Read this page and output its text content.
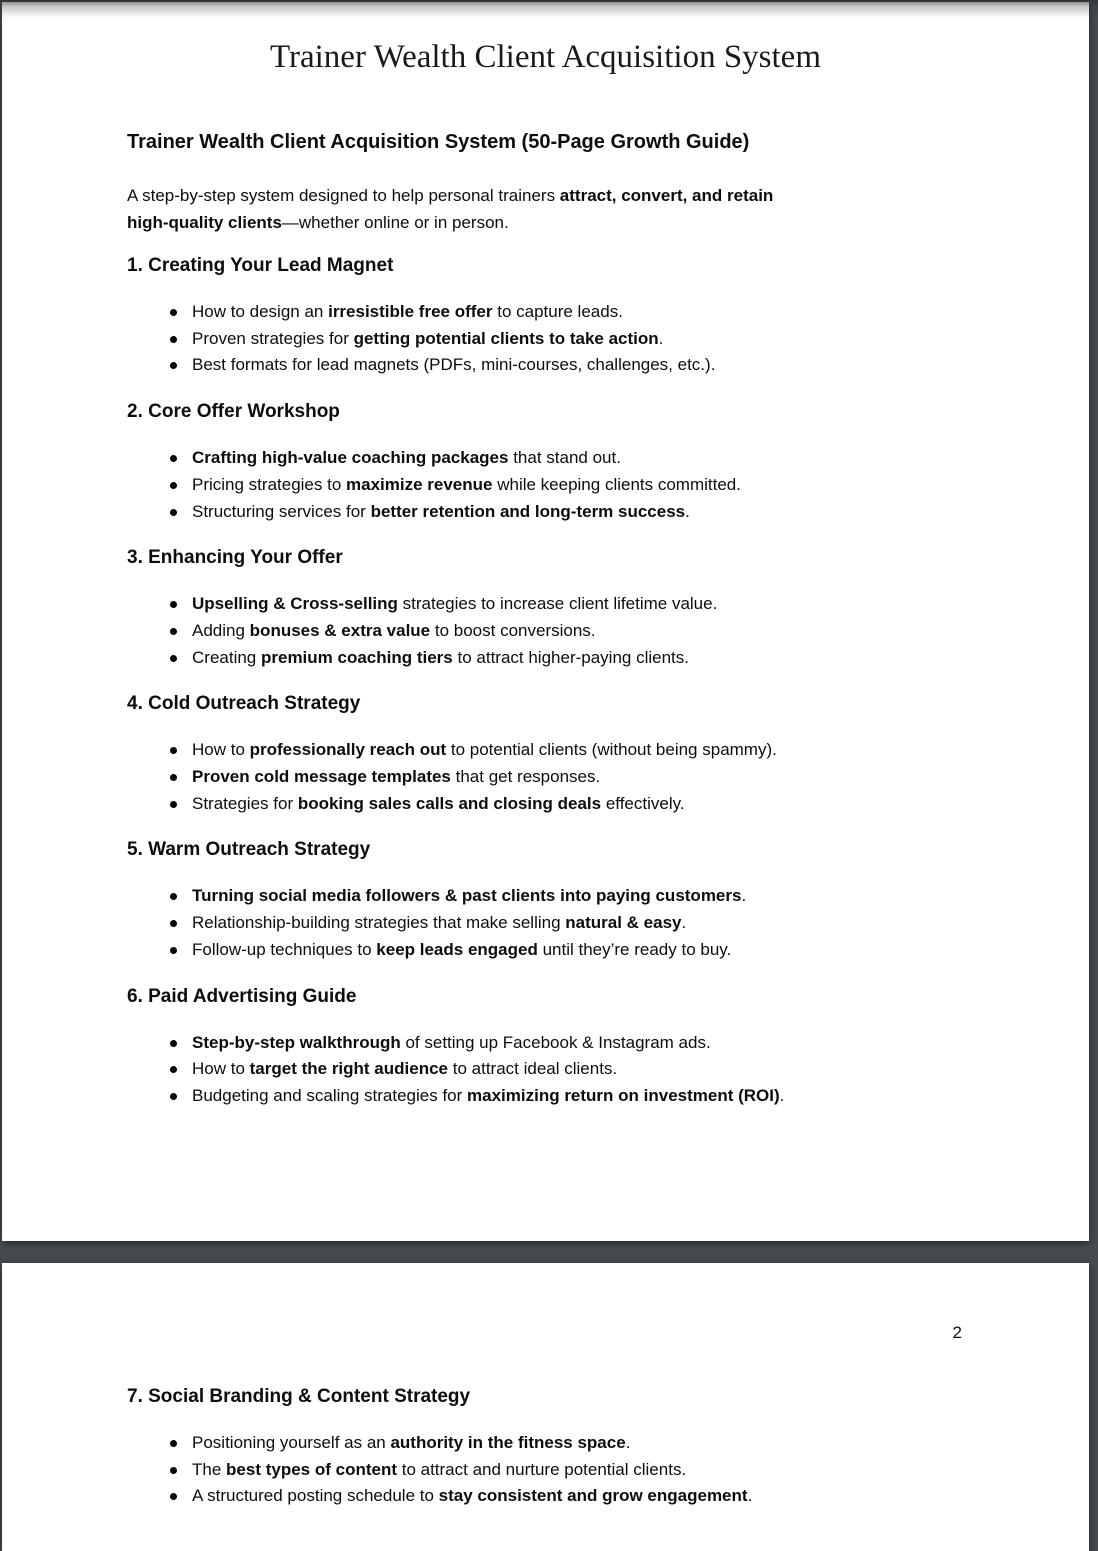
Trainer Wealth Client Acquisition System
Trainer Wealth Client Acquisition System (50-Page Growth Guide)

A step-by-step system designed to help personal trainers attract, convert, and retain
high-quality clients—whether online or in person.

1. Creating Your Lead Magnet
How to design an irresistible free offer to capture leads.
Proven strategies for getting potential clients to take action.
Best formats for lead magnets (PDFs, mini-courses, challenges, etc.).
2. Core Offer Workshop
Crafting high-value coaching packages that stand out.
Pricing strategies to maximize revenue while keeping clients committed.
Structuring services for better retention and long-term success.
3. Enhancing Your Offer
Upselling & Cross-selling strategies to increase client lifetime value.
Adding bonuses & extra value to boost conversions.
Creating premium coaching tiers to attract higher-paying clients.
4. Cold Outreach Strategy
How to professionally reach out to potential clients (without being spammy).
Proven cold message templates that get responses.
Strategies for booking sales calls and closing deals effectively.
5. Warm Outreach Strategy
Turning social media followers & past clients into paying customers.
Relationship-building strategies that make selling natural & easy.
Follow-up techniques to keep leads engaged until they’re ready to buy.
6. Paid Advertising Guide
Step-by-step walkthrough of setting up Facebook & Instagram ads.
How to target the right audience to attract ideal clients.
Budgeting and scaling strategies for maximizing return on investment (ROI).
2
7. Social Branding & Content Strategy
Positioning yourself as an authority in the fitness space.
The best types of content to attract and nurture potential clients.
A structured posting schedule to stay consistent and grow engagement.
